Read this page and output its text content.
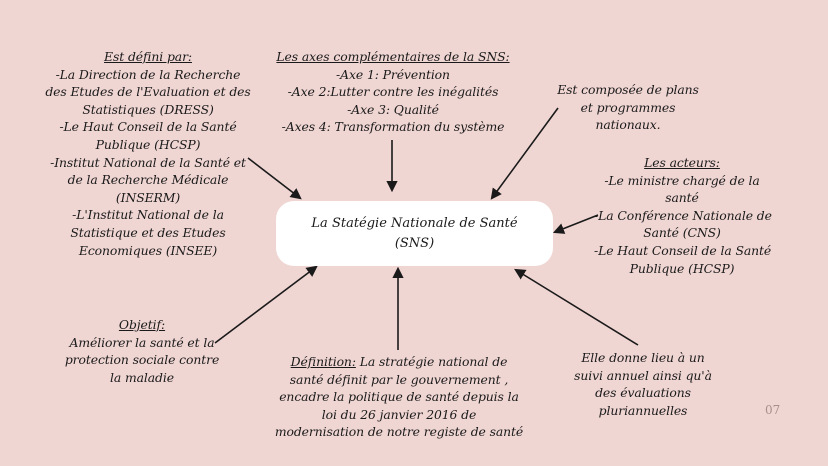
La Statégie Nationale de Santé
(SNS)
Est défini par:
-La Direction de la Recherche
des Etudes de l'Evaluation et des
Statistiques (DRESS)
-Le Haut Conseil de la Santé
Publique (HCSP)
-Institut National de la Santé et
de la Recherche Médicale
(INSERM)
-L'Institut National de la
Statistique et des Etudes
Economiques (INSEE)
Les axes complémentaires de la SNS:
-Axe 1: Prévention
-Axe 2:Lutter contre les inégalités
-Axe 3: Qualité
-Axes 4: Transformation du système
Est composée de plans
et programmes
nationaux.
Les acteurs:
-Le ministre chargé de la
santé
-La Conférence Nationale de
Santé (CNS)
-Le Haut Conseil de la Santé
Publique (HCSP)
Objetif:
Améliorer la santé et la
protection sociale contre
la maladie
Définition: La stratégie national de
santé définit par le gouvernement ,
encadre la politique de santé depuis la
loi du 26 janvier 2016 de
modernisation de notre registe de santé
Elle donne lieu à un
suivi annuel ainsi qu'à
des évaluations
pluriannuelles	07
